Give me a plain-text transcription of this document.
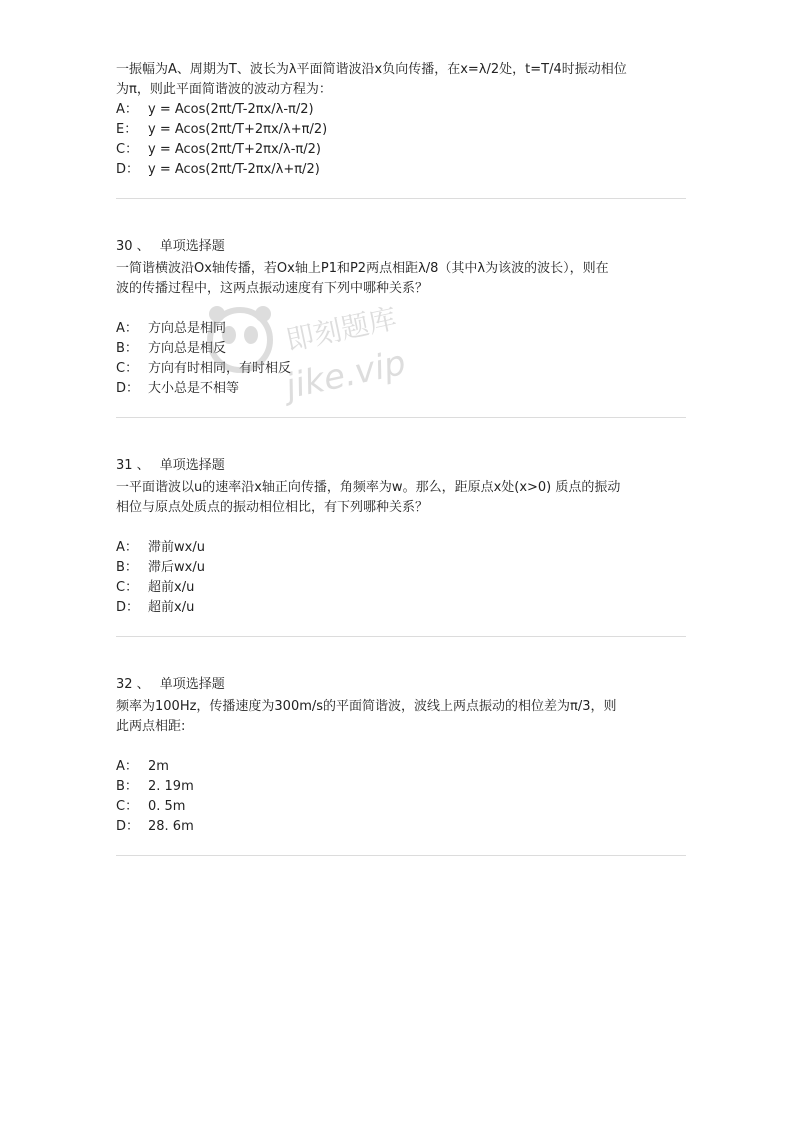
一振幅为A、周期为T、波长为λ平面简谐波沿x负向传播，在x=λ/2处，t=T/4时振动相位
为π，则此平面简谐波的波动方程为：
A： y = Acos(2πt/T-2πx/λ-π/2)
E： y = Acos(2πt/T+2πx/λ+π/2)
C： y = Acos(2πt/T+2πx/λ-π/2)
D： y = Acos(2πt/T-2πx/λ+π/2)
30 、 单项选择题
一简谐横波沿Ox轴传播，若Ox轴上P1和P2两点相距λ/8（其中λ为该波的波长），则在
波的传播过程中，这两点振动速度有下列中哪种关系？
A： 方向总是相同
B： 方向总是相反
C： 方向有时相同，有时相反
D： 大小总是不相等
31 、 单项选择题
一平面谐波以u的速率沿x轴正向传播，角频率为w。那么，距原点x处(x>0) 质点的振动
相位与原点处质点的振动相位相比，有下列哪种关系？
A： 滞前wx/u
B： 滞后wx/u
C： 超前x/u
D： 超前x/u
32 、 单项选择题
频率为100Hz，传播速度为300m/s的平面简谐波，波线上两点振动的相位差为π/3，则
此两点相距:
A： 2m
B： 2. 19m
C： 0. 5m
D： 28. 6m
即刻题库
jike.vip
